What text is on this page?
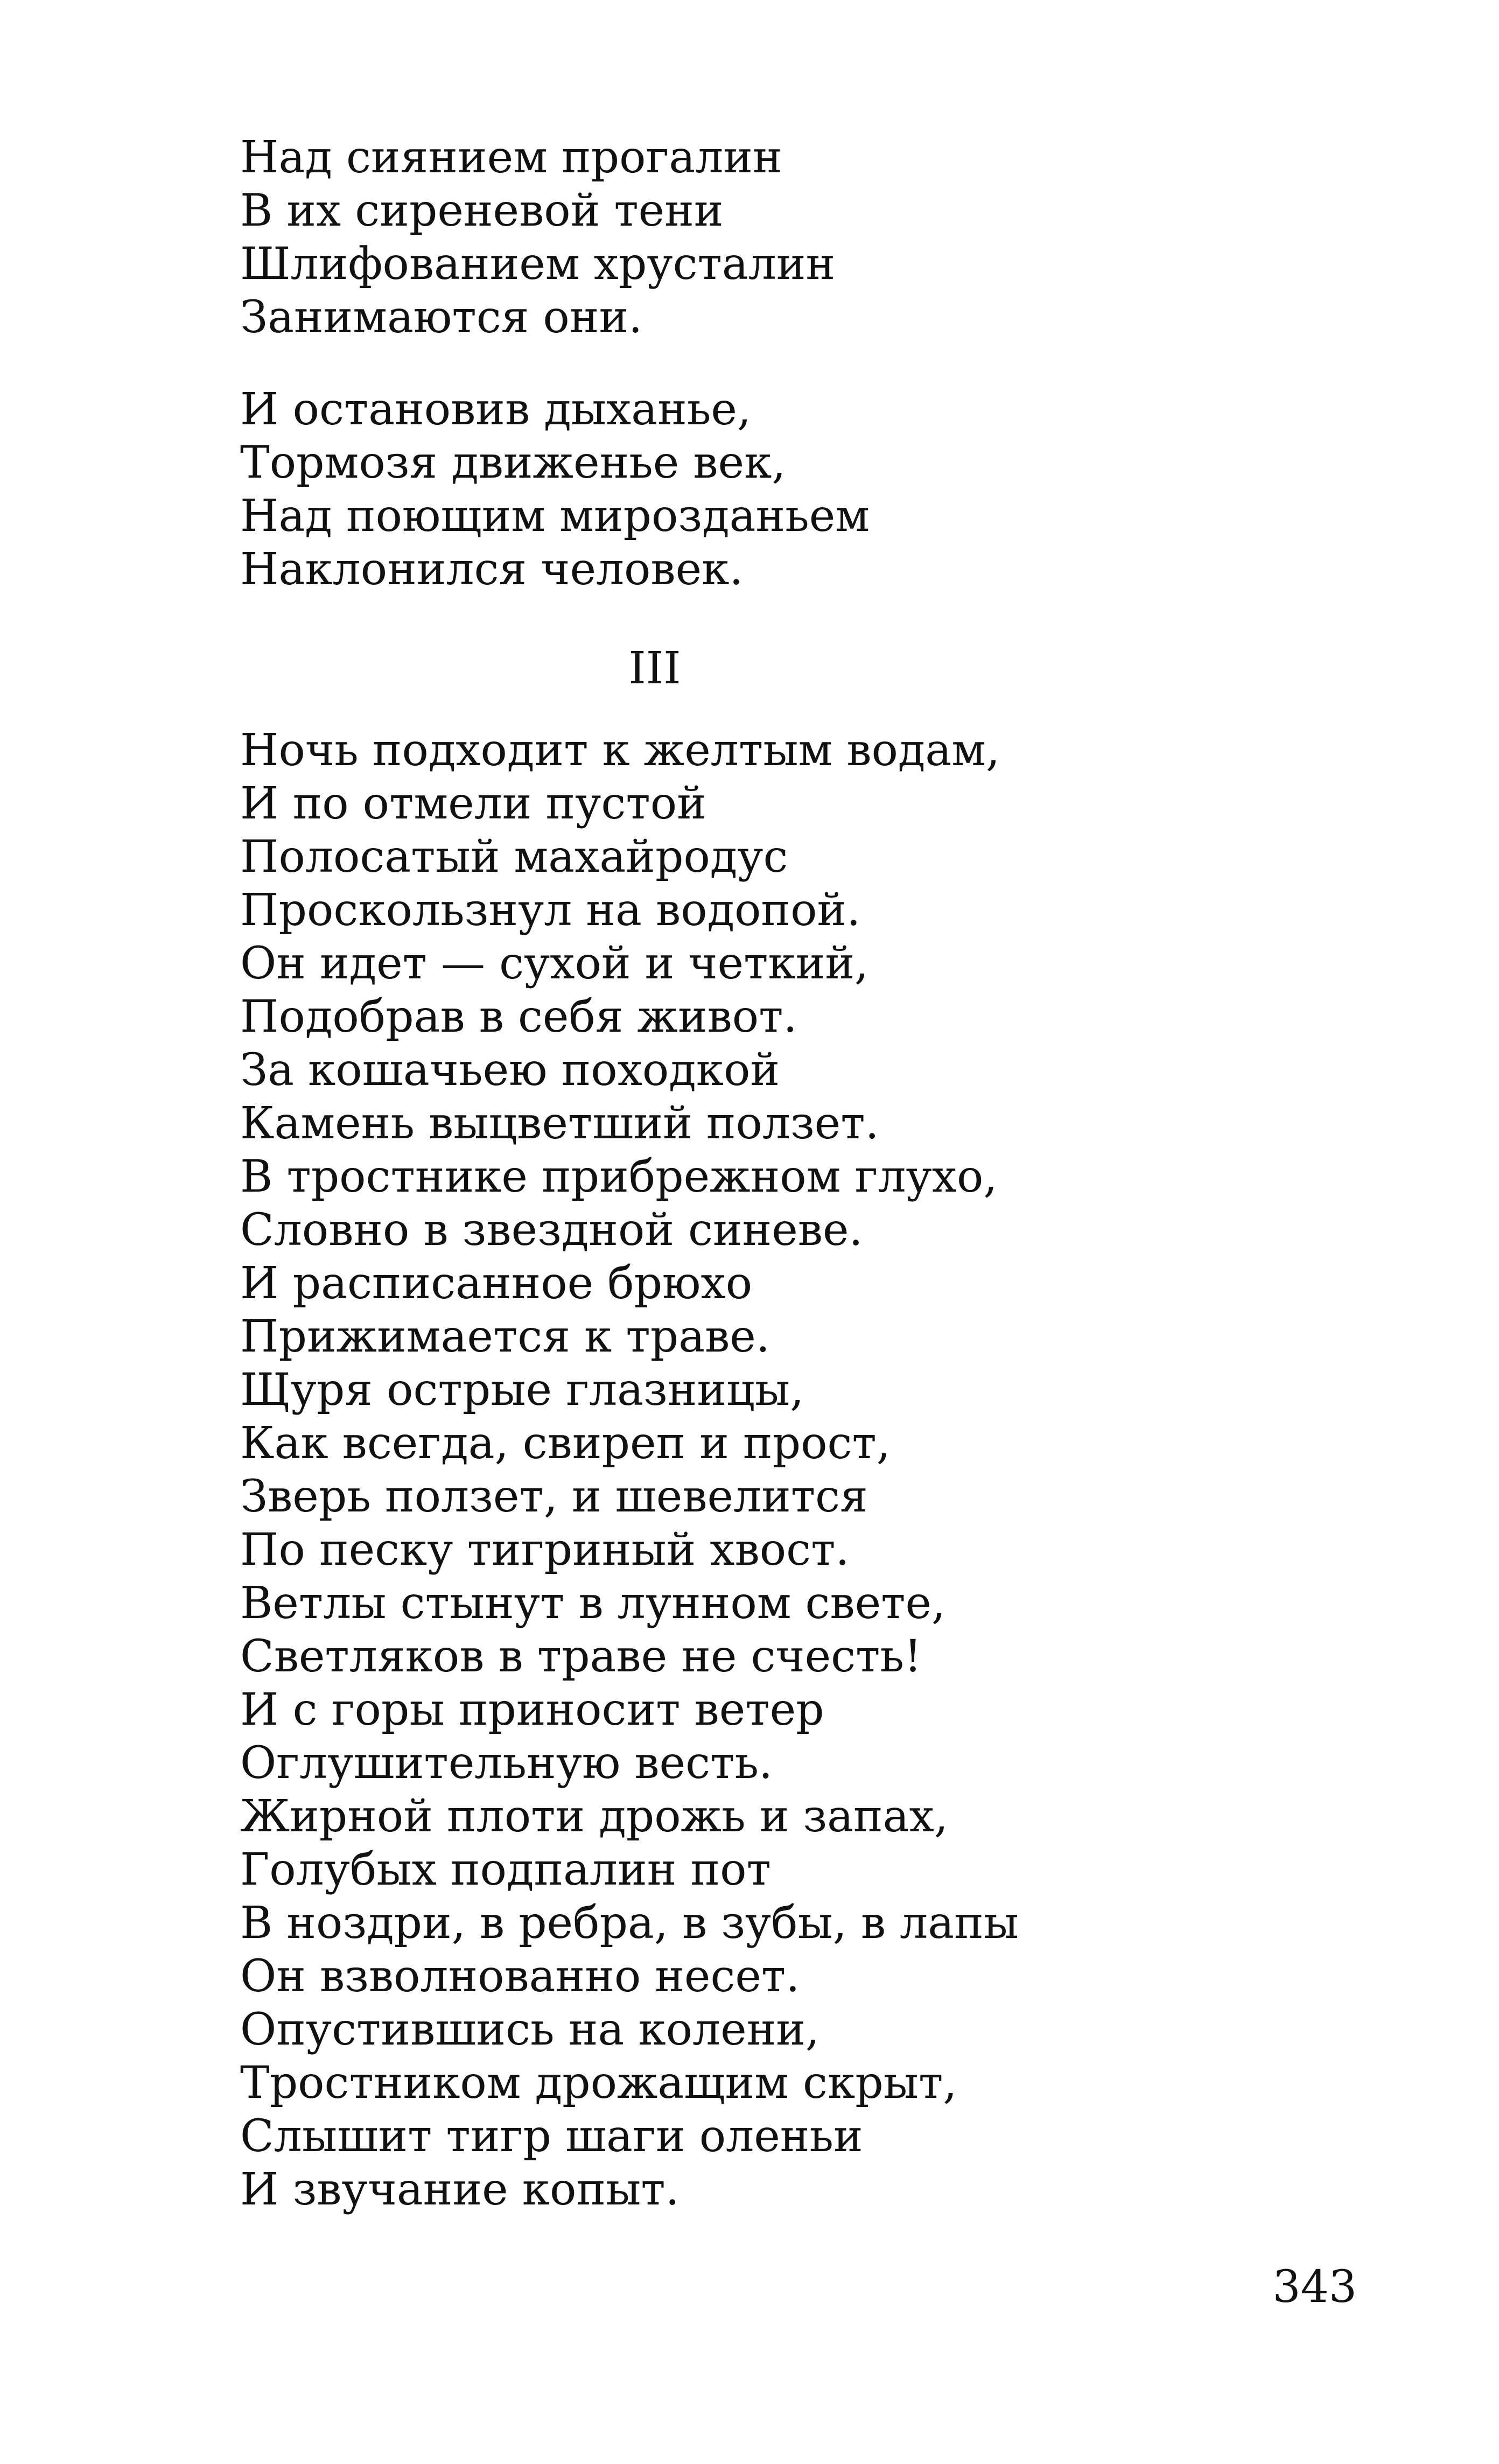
Над сиянием прогалин
В их сиреневой тени
Шлифованием хрусталин
Занимаются они.
И остановив дыханье,
Тормозя движенье век,
Над поющим мирозданьем
Наклонился человек.
III
Ночь подходит к желтым водам,
И по отмели пустой
Полосатый махайродус
Проскользнул на водопой.
Он идет — сухой и четкий,
Подобрав в себя живот.
За кошачьею походкой
Камень выцветший ползет.
В тростнике прибрежном глухо,
Словно в звездной синеве.
И расписанное брюхо
Прижимается к траве.
Щуря острые глазницы,
Как всегда, свиреп и прост,
Зверь ползет, и шевелится
По песку тигриный хвост.
Ветлы стынут в лунном свете,
Светляков в траве не счесть!
И с горы приносит ветер
Оглушительную весть.
Жирной плоти дрожь и запах,
Голубых подпалин пот
В ноздри, в ребра, в зубы, в лапы
Он взволнованно несет.
Опустившись на колени,
Тростником дрожащим скрыт,
Слышит тигр шаги оленьи
И звучание копыт.
343
